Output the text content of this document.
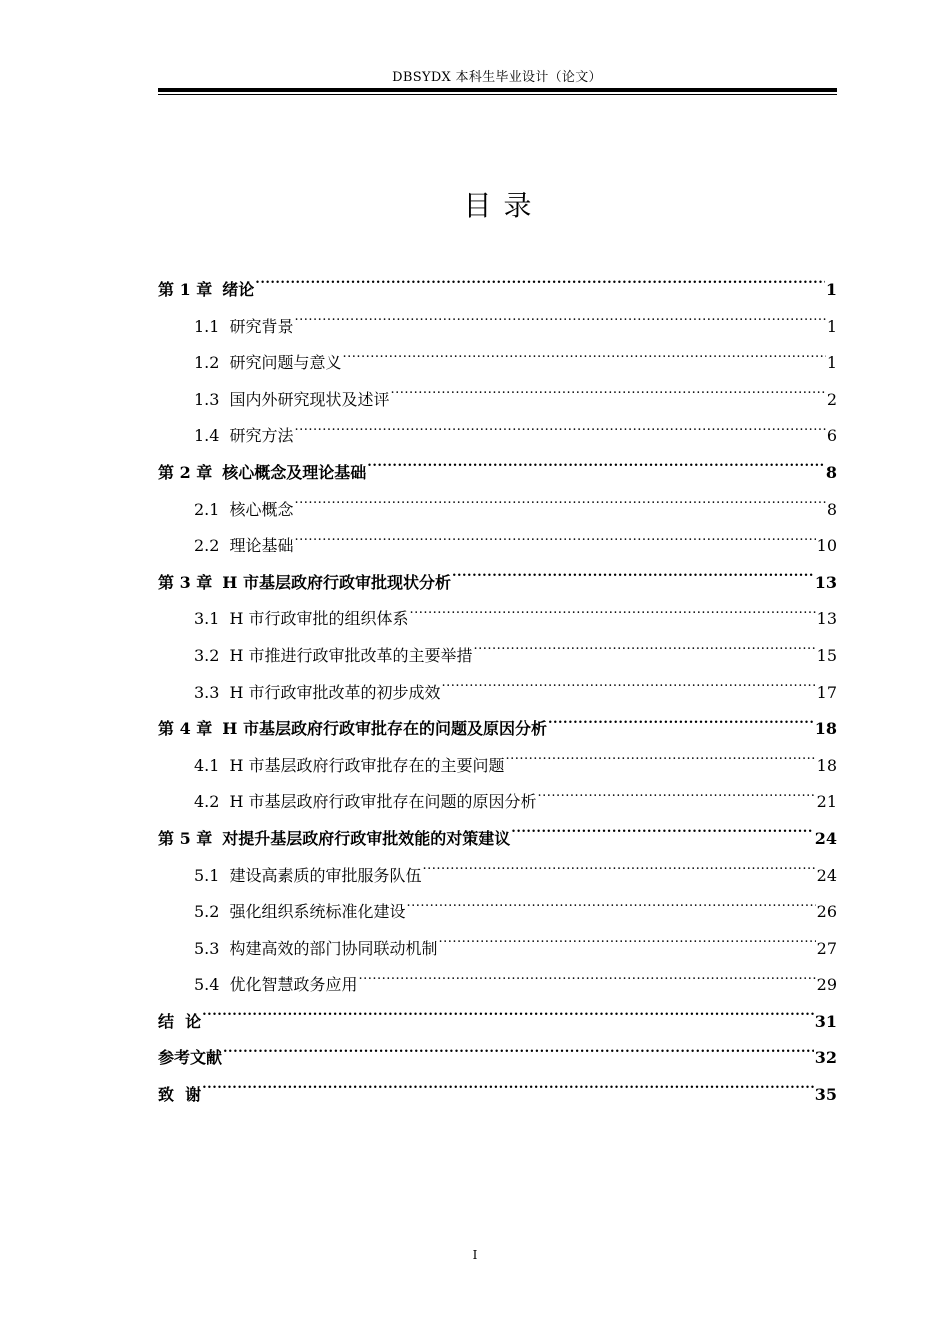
DBSYDX 本科生毕业设计（论文）
目录
第 1 章 绪论 .....	1
1.1 研究背景 .....	1
1.2 研究问题与意义 .....	1
1.3 国内外研究现状及述评 .....	2
1.4 研究方法 .....	6
第 2 章 核心概念及理论基础 .....	8
2.1 核心概念 .....	8
2.2 理论基础 .....	10
第 3 章 H 市基层政府行政审批现状分析 .....	13
3.1 H 市行政审批的组织体系 .....	13
3.2 H 市推进行政审批改革的主要举措 .....	15
3.3 H 市行政审批改革的初步成效 .....	17
第 4 章 H 市基层政府行政审批存在的问题及原因分析 .....	18
4.1 H 市基层政府行政审批存在的主要问题 .....	18
4.2 H 市基层政府行政审批存在问题的原因分析 .....	21
第 5 章 对提升基层政府行政审批效能的对策建议 .....	24
5.1 建设高素质的审批服务队伍 .....	24
5.2 强化组织系统标准化建设 .....	26
5.3 构建高效的部门协同联动机制 .....	27
5.4 优化智慧政务应用 .....	29
结  论 .....	31
参考文献 .....	32
致  谢 .....	35
I
